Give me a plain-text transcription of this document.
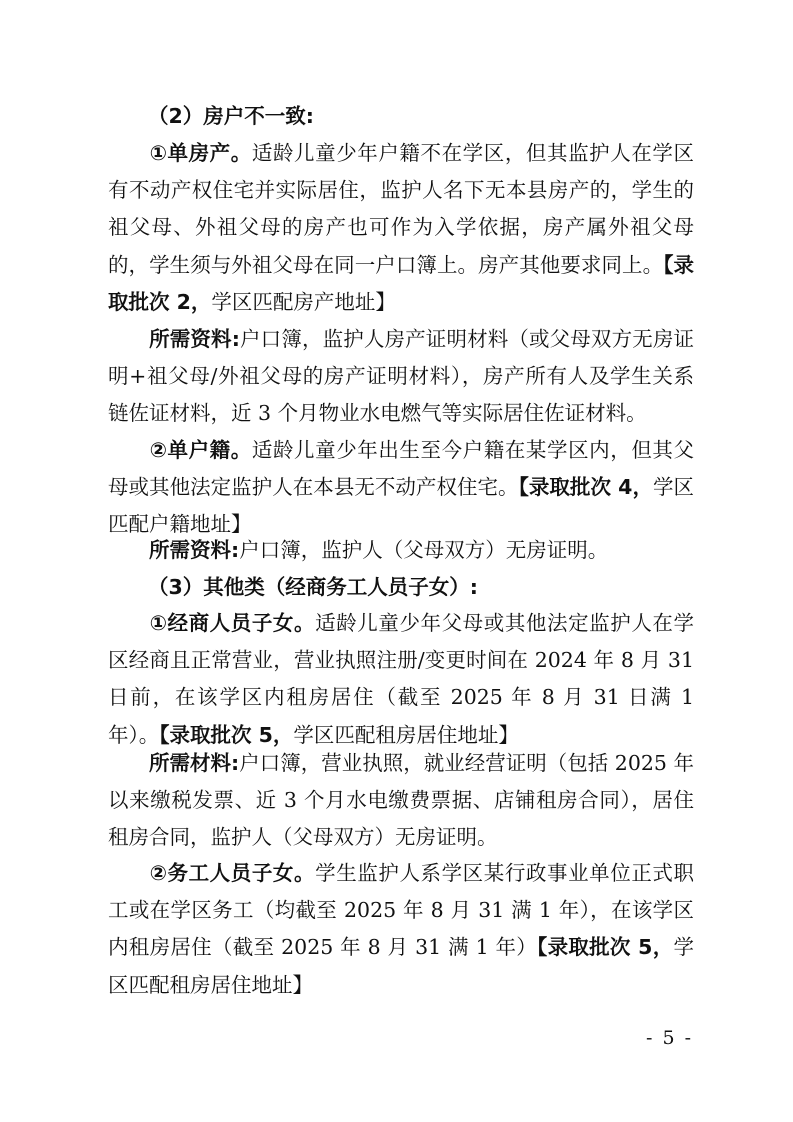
（2）房户不一致:

①单房产。适龄儿童少年户籍不在学区，但其监护人在学区有不动产权住宅并实际居住，监护人名下无本县房产的，学生的祖父母、外祖父母的房产也可作为入学依据，房产属外祖父母的，学生须与外祖父母在同一户口簿上。房产其他要求同上。【录取批次 2，学区匹配房产地址】

所需资料:户口簿，监护人房产证明材料（或父母双方无房证明+祖父母/外祖父母的房产证明材料），房产所有人及学生关系链佐证材料，近 3 个月物业水电燃气等实际居住佐证材料。

②单户籍。适龄儿童少年出生至今户籍在某学区内，但其父母或其他法定监护人在本县无不动产权住宅。【录取批次 4，学区匹配户籍地址】

所需资料:户口簿，监护人（父母双方）无房证明。

（3）其他类（经商务工人员子女）:

①经商人员子女。适龄儿童少年父母或其他法定监护人在学区经商且正常营业，营业执照注册/变更时间在 2024 年 8 月 31 日前，在该学区内租房居住（截至 2025 年 8 月 31 日满 1 年）。【录取批次 5，学区匹配租房居住地址】

所需材料:户口簿，营业执照，就业经营证明（包括 2025 年以来缴税发票、近 3 个月水电缴费票据、店铺租房合同），居住租房合同，监护人（父母双方）无房证明。

②务工人员子女。学生监护人系学区某行政事业单位正式职工或在学区务工（均截至 2025 年 8 月 31 满 1 年），在该学区内租房居住（截至 2025 年 8 月 31 满 1 年）【录取批次 5，学区匹配租房居住地址】

- 5 -
